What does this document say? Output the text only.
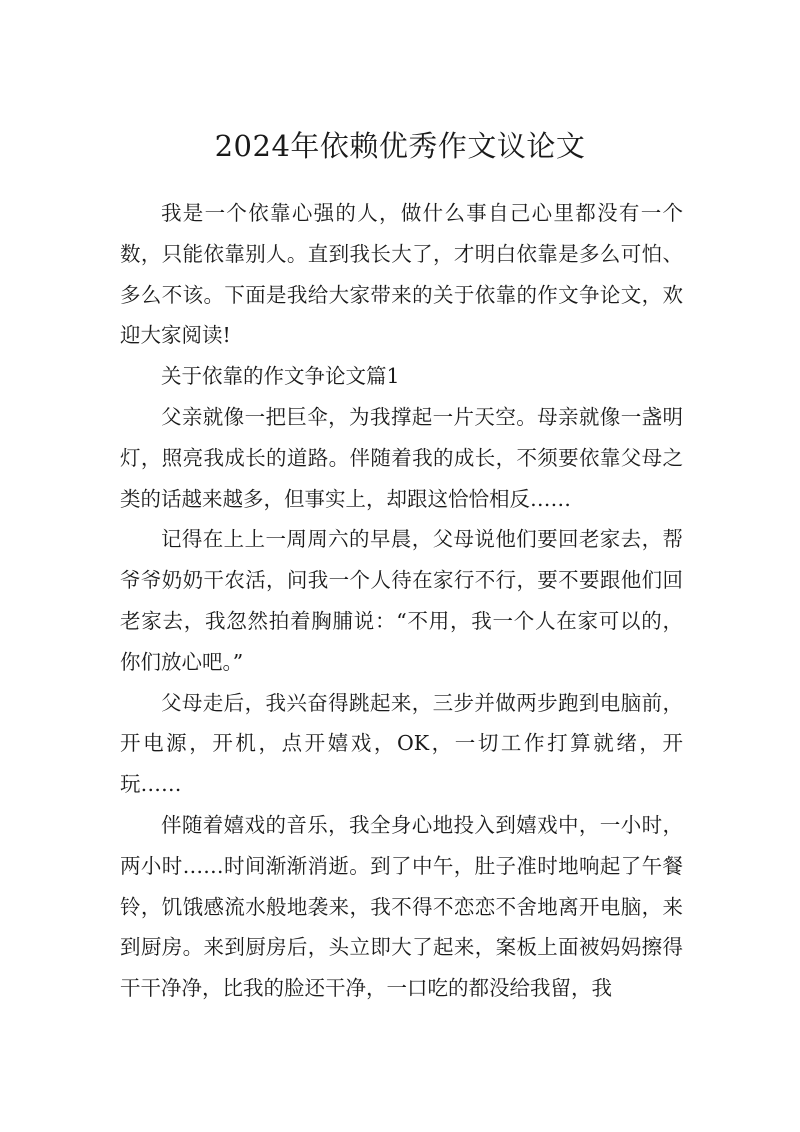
2024年依赖优秀作文议论文

我是一个依靠心强的人，做什么事自己心里都没有一个数，只能依靠别人。直到我长大了，才明白依靠是多么可怕、多么不该。下面是我给大家带来的关于依靠的作文争论文，欢迎大家阅读!

关于依靠的作文争论文篇1

父亲就像一把巨伞，为我撑起一片天空。母亲就像一盏明灯，照亮我成长的道路。伴随着我的成长，不须要依靠父母之类的话越来越多，但事实上，却跟这恰恰相反……

记得在上上一周周六的早晨，父母说他们要回老家去，帮爷爷奶奶干农活，问我一个人待在家行不行，要不要跟他们回老家去，我忽然拍着胸脯说：“不用，我一个人在家可以的，你们放心吧。”

父母走后，我兴奋得跳起来，三步并做两步跑到电脑前，开电源，开机，点开嬉戏，OK，一切工作打算就绪，开玩……

伴随着嬉戏的音乐，我全身心地投入到嬉戏中，一小时，两小时……时间渐渐消逝。到了中午，肚子准时地响起了午餐铃，饥饿感流水般地袭来，我不得不恋恋不舍地离开电脑，来到厨房。来到厨房后，头立即大了起来，案板上面被妈妈擦得干干净净，比我的脸还干净，一口吃的都没给我留，我
